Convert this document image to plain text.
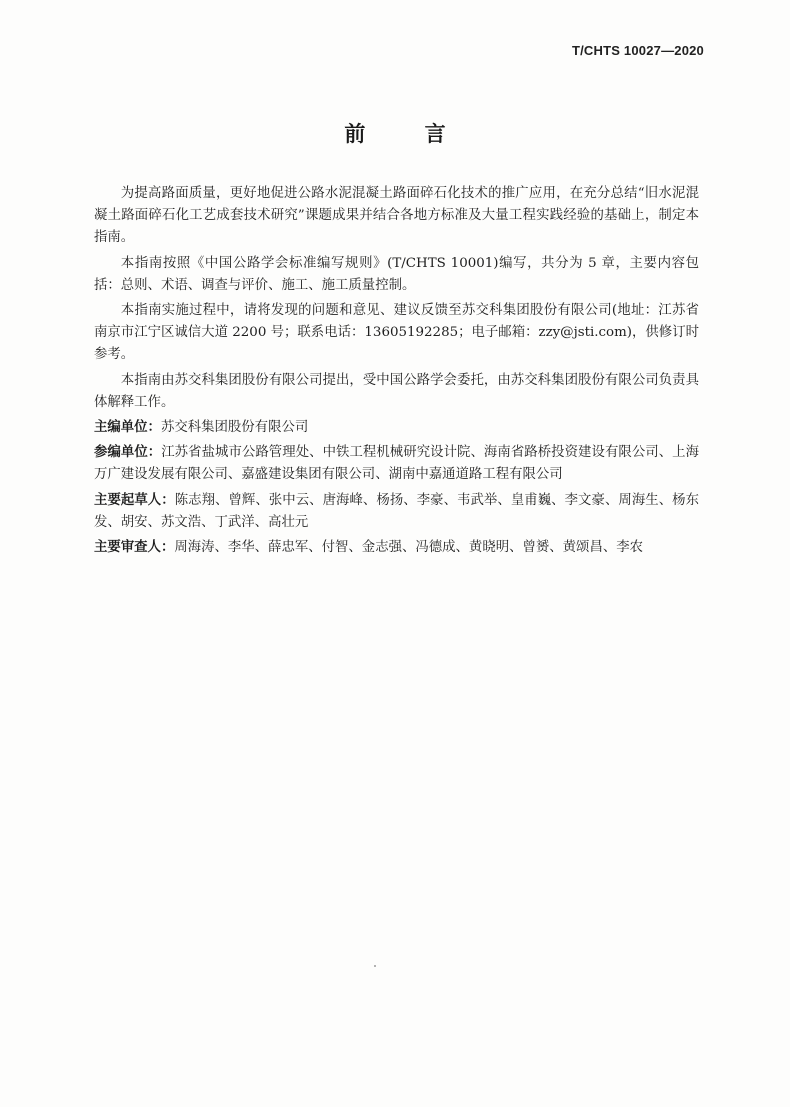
T/CHTS 10027—2020
前 言

为提高路面质量，更好地促进公路水泥混凝土路面碎石化技术的推广应用，在充分总结“旧水泥混凝土路面碎石化工艺成套技术研究”课题成果并结合各地方标准及大量工程实践经验的基础上，制定本指南。

本指南按照《中国公路学会标准编写规则》(T/CHTS 10001)编写，共分为 5 章，主要内容包括：总则、术语、调查与评价、施工、施工质量控制。

本指南实施过程中，请将发现的问题和意见、建议反馈至苏交科集团股份有限公司(地址：江苏省南京市江宁区诚信大道 2200 号；联系电话：13605192285；电子邮箱：zzy@jsti.com)，供修订时参考。

本指南由苏交科集团股份有限公司提出，受中国公路学会委托，由苏交科集团股份有限公司负责具体解释工作。

主编单位：苏交科集团股份有限公司

参编单位：江苏省盐城市公路管理处、中铁工程机械研究设计院、海南省路桥投资建设有限公司、上海万广建设发展有限公司、嘉盛建设集团有限公司、湖南中嘉通道路工程有限公司

主要起草人：陈志翔、曾辉、张中云、唐海峰、杨扬、李豪、韦武举、皇甫巍、李文豪、周海生、杨东发、胡安、苏文浩、丁武洋、高壮元

主要审查人：周海涛、李华、薛忠军、付智、金志强、冯德成、黄晓明、曾赟、黄颂昌、李农
